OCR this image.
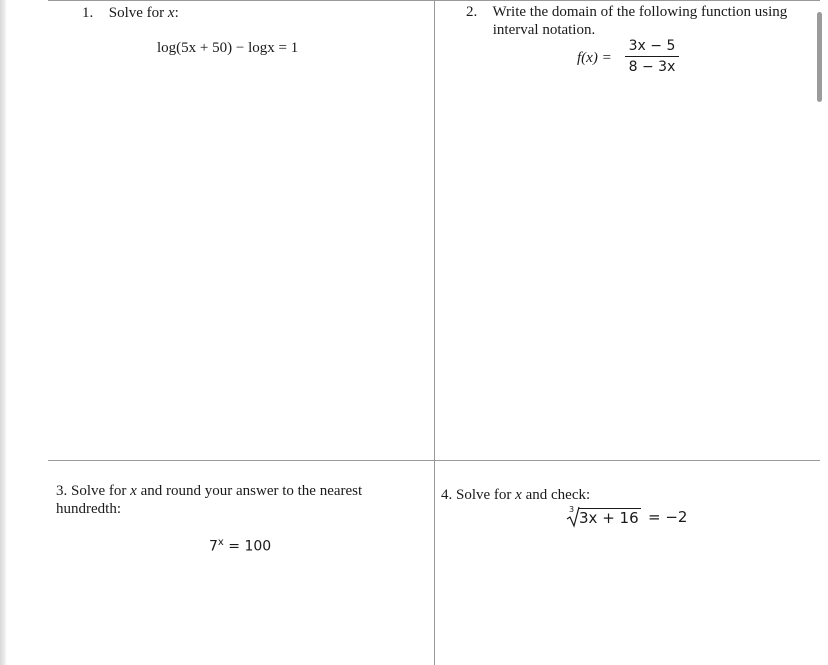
1. Solve for x:
log(5x + 50) − logx = 1
2. Write the domain of the following function using
interval notation.
f(x) =
3x − 5
8 − 3x
3. Solve for x and round your answer to the nearest
hundredth:
$7^x = 100$
4. Solve for x and check:
3 3x + 16 = −2
